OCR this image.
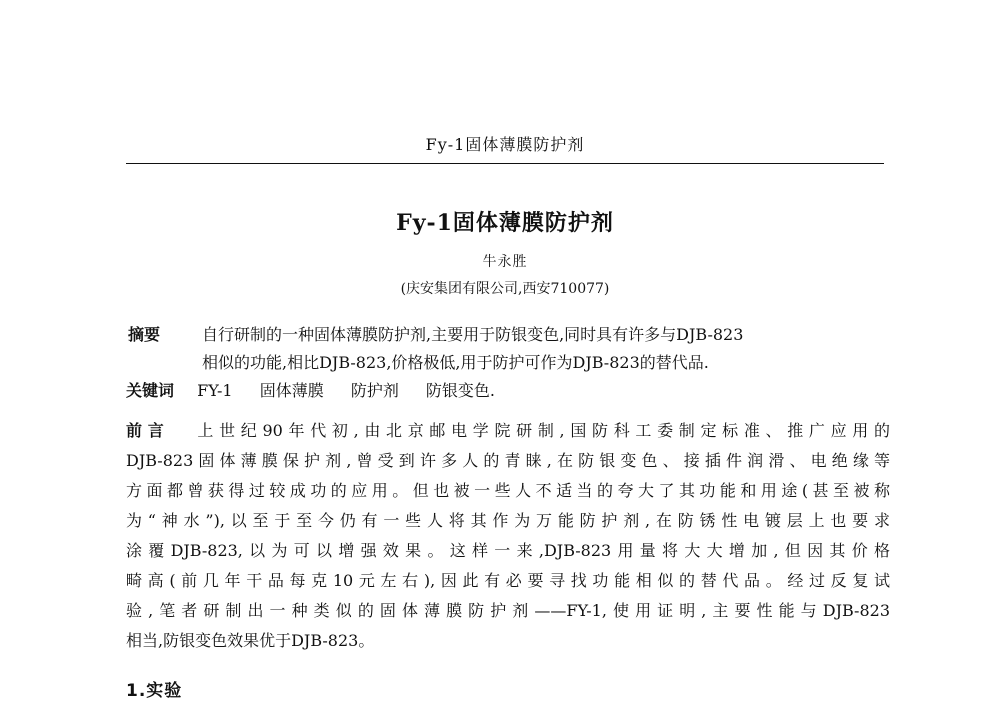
Fy-1固体薄膜防护剂
Fy-1固体薄膜防护剂
牛永胜
(庆安集团有限公司,西安710077)
摘要	自行研制的一种固体薄膜防护剂,主要用于防银变色,同时具有许多与DJB-823
相似的功能,相比DJB-823,价格极低,用于防护可作为DJB-823的替代品.
关键词 FY-1 固体薄膜 防护剂 防银变色.
前言 上世纪90年代初,由北京邮电学院研制,国防科工委制定标准、推广应用的
DJB-823固体薄膜保护剂,曾受到许多人的青睐,在防银变色、接插件润滑、电绝缘等
方面都曾获得过较成功的应用。但也被一些人不适当的夸大了其功能和用途(甚至被称
为“神水”),以至于至今仍有一些人将其作为万能防护剂,在防锈性电镀层上也要求
涂覆DJB-823,以为可以增强效果。这样一来,DJB-823用量将大大增加,但因其价格
畸高(前几年干品每克10元左右),因此有必要寻找功能相似的替代品。经过反复试
验,笔者研制出一种类似的固体薄膜防护剂——FY-1,使用证明,主要性能与DJB-823
相当,防银变色效果优于DJB-823。
1.实验
